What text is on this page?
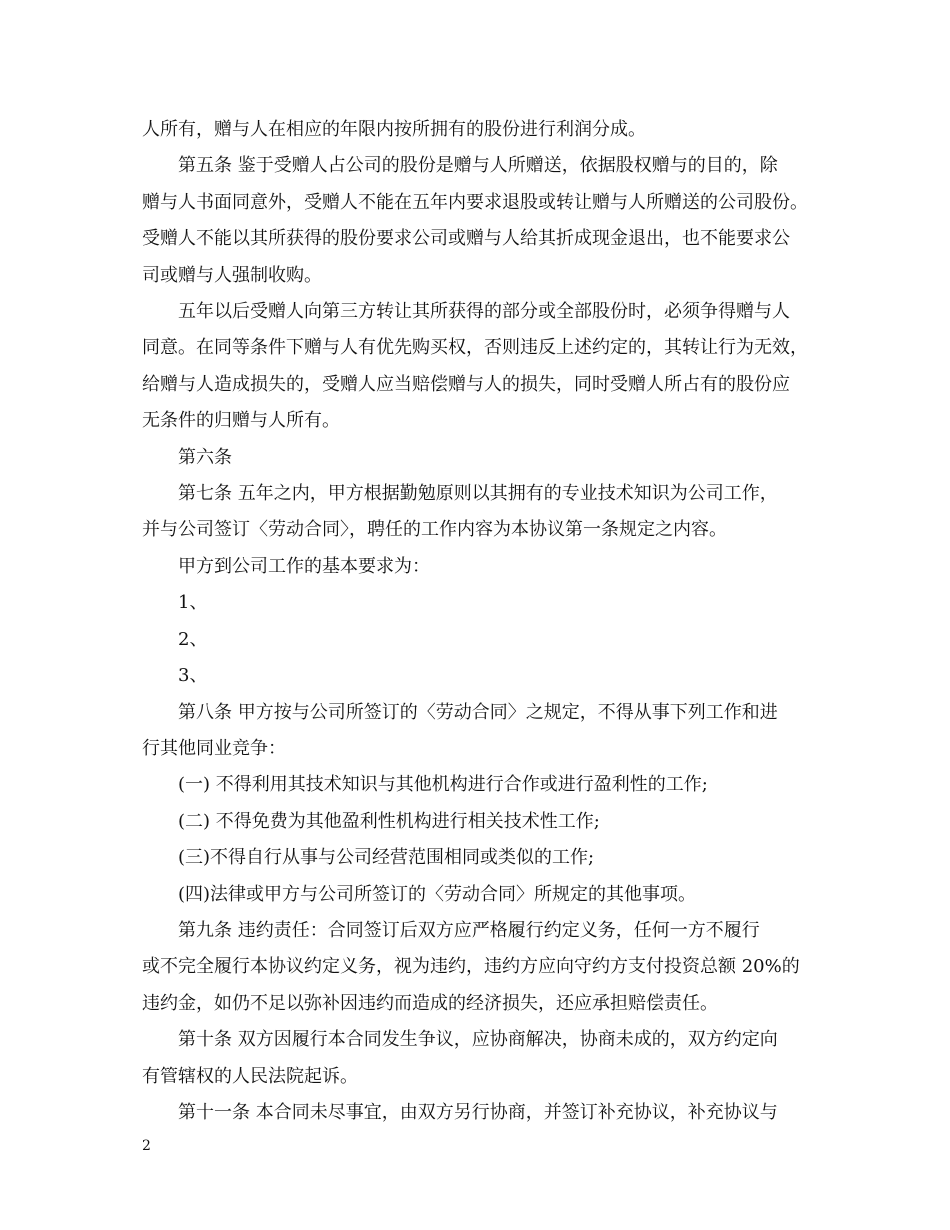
人所有，赠与人在相应的年限内按所拥有的股份进行利润分成。

　　第五条 鉴于受赠人占公司的股份是赠与人所赠送，依据股权赠与的目的，除

赠与人书面同意外，受赠人不能在五年内要求退股或转让赠与人所赠送的公司股份。

受赠人不能以其所获得的股份要求公司或赠与人给其折成现金退出，也不能要求公

司或赠与人强制收购。

　　五年以后受赠人向第三方转让其所获得的部分或全部股份时，必须争得赠与人

同意。在同等条件下赠与人有优先购买权，否则违反上述约定的，其转让行为无效，

给赠与人造成损失的，受赠人应当赔偿赠与人的损失，同时受赠人所占有的股份应

无条件的归赠与人所有。

　　第六条

　　第七条 五年之内，甲方根据勤勉原则以其拥有的专业技术知识为公司工作，

并与公司签订〈劳动合同〉，聘任的工作内容为本协议第一条规定之内容。

　　甲方到公司工作的基本要求为：

　　1、

　　2、

　　3、

　　第八条 甲方按与公司所签订的〈劳动合同〉之规定，不得从事下列工作和进

行其他同业竞争：

　　(一) 不得利用其技术知识与其他机构进行合作或进行盈利性的工作;

　　(二) 不得免费为其他盈利性机构进行相关技术性工作;

　　(三)不得自行从事与公司经营范围相同或类似的工作;

　　(四)法律或甲方与公司所签订的〈劳动合同〉所规定的其他事项。

　　第九条 违约责任：合同签订后双方应严格履行约定义务，任何一方不履行

或不完全履行本协议约定义务，视为违约，违约方应向守约方支付投资总额 20%的

违约金，如仍不足以弥补因违约而造成的经济损失，还应承担赔偿责任。

　　第十条 双方因履行本合同发生争议，应协商解决，协商未成的，双方约定向

有管辖权的人民法院起诉。

　　第十一条 本合同未尽事宜，由双方另行协商，并签订补充协议，补充协议与

2
